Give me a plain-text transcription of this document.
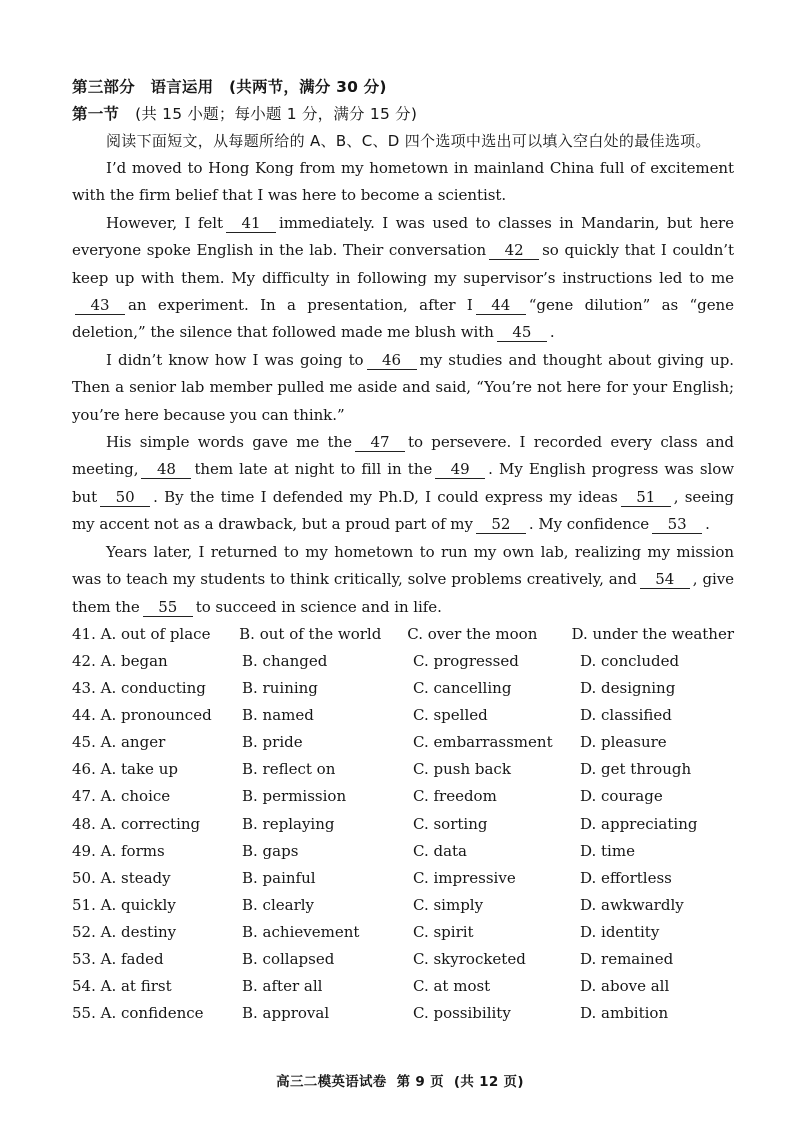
第三部分　语言运用　(共两节，满分 30 分)
第一节 (共 15 小题；每小题 1 分，满分 15 分)
阅读下面短文，从每题所给的 A、B、C、D 四个选项中选出可以填入空白处的最佳选项。
I’d moved to Hong Kong from my hometown in mainland China full of excitement with the firm belief that I was here to become a scientist.
However, I felt 41 immediately. I was used to classes in Mandarin, but here everyone spoke English in the lab. Their conversation 42 so quickly that I couldn’t keep up with them. My difficulty in following my supervisor’s instructions led to me43 an experiment. In a presentation, after I 44 “gene dilution” as “gene deletion,” the silence that followed made me blush with 45 .
I didn’t know how I was going to 46 my studies and thought about giving up. Then a senior lab member pulled me aside and said, “You’re not here for your English; you’re here because you can think.”
His simple words gave me the 47 to persevere. I recorded every class and meeting, 48 them late at night to fill in the 49 . My English progress was slow but 50 . By the time I defended my Ph.D, I could express my ideas 51 , seeing my accent not as a drawback, but a proud part of my 52 . My confidence 53 .
Years later, I returned to my hometown to run my own lab, realizing my mission was to teach my students to think critically, solve problems creatively, and 54 , give them the 55 to succeed in science and in life.
41. A. out of place	B. out of the world	C. over the moon	D. under the weather
42. A. began	B. changed	C. progressed	D. concluded
43. A. conducting	B. ruining	C. cancelling	D. designing
44. A. pronounced	B. named	C. spelled	D. classified
45. A. anger	B. pride	C. embarrassment	D. pleasure
46. A. take up	B. reflect on	C. push back	D. get through
47. A. choice	B. permission	C. freedom	D. courage
48. A. correcting	B. replaying	C. sorting	D. appreciating
49. A. forms	B. gaps	C. data	D. time
50. A. steady	B. painful	C. impressive	D. effortless
51. A. quickly	B. clearly	C. simply	D. awkwardly
52. A. destiny	B. achievement	C. spirit	D. identity
53. A. faded	B. collapsed	C. skyrocketed	D. remained
54. A. at first	B. after all	C. at most	D. above all
55. A. confidence	B. approval	C. possibility	D. ambition
高三二模英语试卷 第 9 页 (共 12 页)
